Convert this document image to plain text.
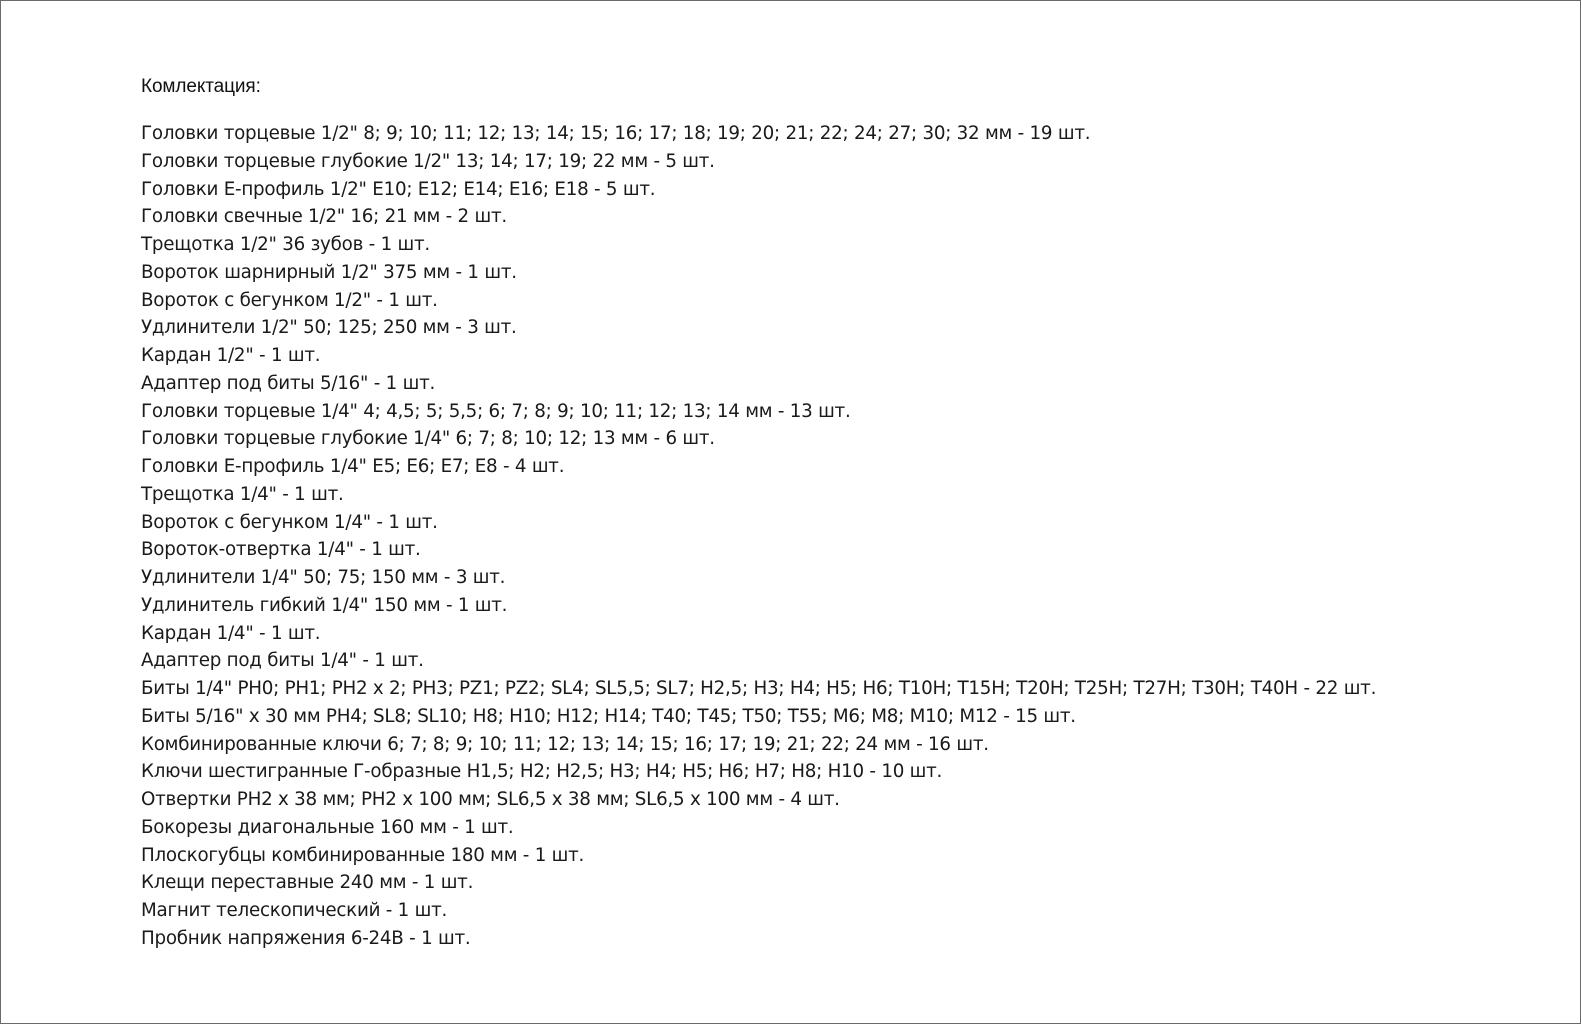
Комлектация:
Головки торцевые 1/2" 8; 9; 10; 11; 12; 13; 14; 15; 16; 17; 18; 19; 20; 21; 22; 24; 27; 30; 32 мм - 19 шт.
Головки торцевые глубокие 1/2" 13; 14; 17; 19; 22 мм - 5 шт.
Головки Е-профиль 1/2" E10; E12; E14; E16; E18 - 5 шт.
Головки свечные 1/2" 16; 21 мм - 2 шт.
Трещотка 1/2" 36 зубов - 1 шт.
Вороток шарнирный 1/2" 375 мм - 1 шт.
Вороток с бегунком 1/2" - 1 шт.
Удлинители 1/2" 50; 125; 250 мм - 3 шт.
Кардан 1/2" - 1 шт.
Адаптер под биты 5/16" - 1 шт.
Головки торцевые 1/4" 4; 4,5; 5; 5,5; 6; 7; 8; 9; 10; 11; 12; 13; 14 мм - 13 шт.
Головки торцевые глубокие 1/4" 6; 7; 8; 10; 12; 13 мм - 6 шт.
Головки Е-профиль 1/4" E5; E6; E7; E8 - 4 шт.
Трещотка 1/4" - 1 шт.
Вороток с бегунком 1/4" - 1 шт.
Вороток-отвертка 1/4" - 1 шт.
Удлинители 1/4" 50; 75; 150 мм - 3 шт.
Удлинитель гибкий 1/4" 150 мм - 1 шт.
Кардан 1/4" - 1 шт.
Адаптер под биты 1/4" - 1 шт.
Биты 1/4" PH0; PH1; PH2 x 2; PH3; PZ1; PZ2; SL4; SL5,5; SL7; H2,5; H3; H4; H5; H6; T10H; T15H; T20H; T25H; T27H; T30H; T40H - 22 шт.
Биты 5/16" x 30 мм PH4; SL8; SL10; H8; H10; H12; H14; T40; T45; T50; T55; M6; M8; M10; M12 - 15 шт.
Комбинированные ключи 6; 7; 8; 9; 10; 11; 12; 13; 14; 15; 16; 17; 19; 21; 22; 24 мм - 16 шт.
Ключи шестигранные Г-образные H1,5; H2; H2,5; H3; H4; H5; H6; H7; H8; H10 - 10 шт.
Отвертки PH2 x 38 мм; PH2 x 100 мм; SL6,5 x 38 мм; SL6,5 x 100 мм - 4 шт.
Бокорезы диагональные 160 мм - 1 шт.
Плоскогубцы комбинированные 180 мм - 1 шт.
Клещи переставные 240 мм - 1 шт.
Магнит телескопический - 1 шт.
Пробник напряжения 6-24В - 1 шт.
